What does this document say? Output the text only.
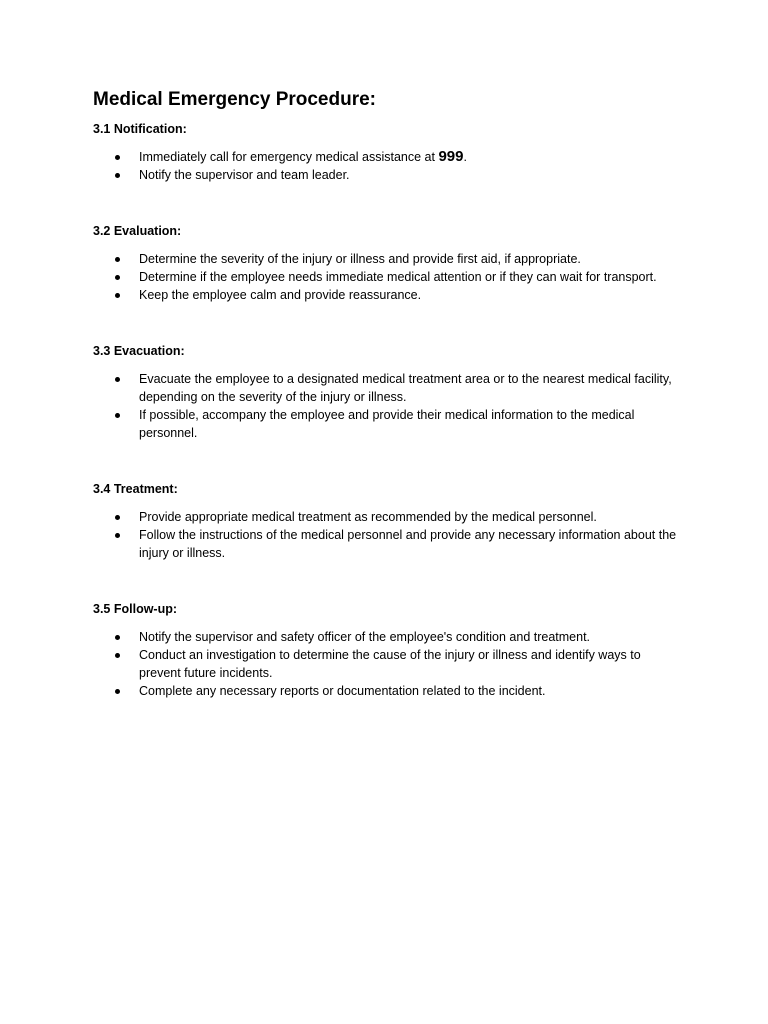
Medical Emergency Procedure:
3.1 Notification:
Immediately call for emergency medical assistance at 999.
Notify the supervisor and team leader.
3.2 Evaluation:
Determine the severity of the injury or illness and provide first aid, if appropriate.
Determine if the employee needs immediate medical attention or if they can wait for transport.
Keep the employee calm and provide reassurance.
3.3 Evacuation:
Evacuate the employee to a designated medical treatment area or to the nearest medical facility, depending on the severity of the injury or illness.
If possible, accompany the employee and provide their medical information to the medical personnel.
3.4 Treatment:
Provide appropriate medical treatment as recommended by the medical personnel.
Follow the instructions of the medical personnel and provide any necessary information about the injury or illness.
3.5 Follow-up:
Notify the supervisor and safety officer of the employee's condition and treatment.
Conduct an investigation to determine the cause of the injury or illness and identify ways to prevent future incidents.
Complete any necessary reports or documentation related to the incident.
